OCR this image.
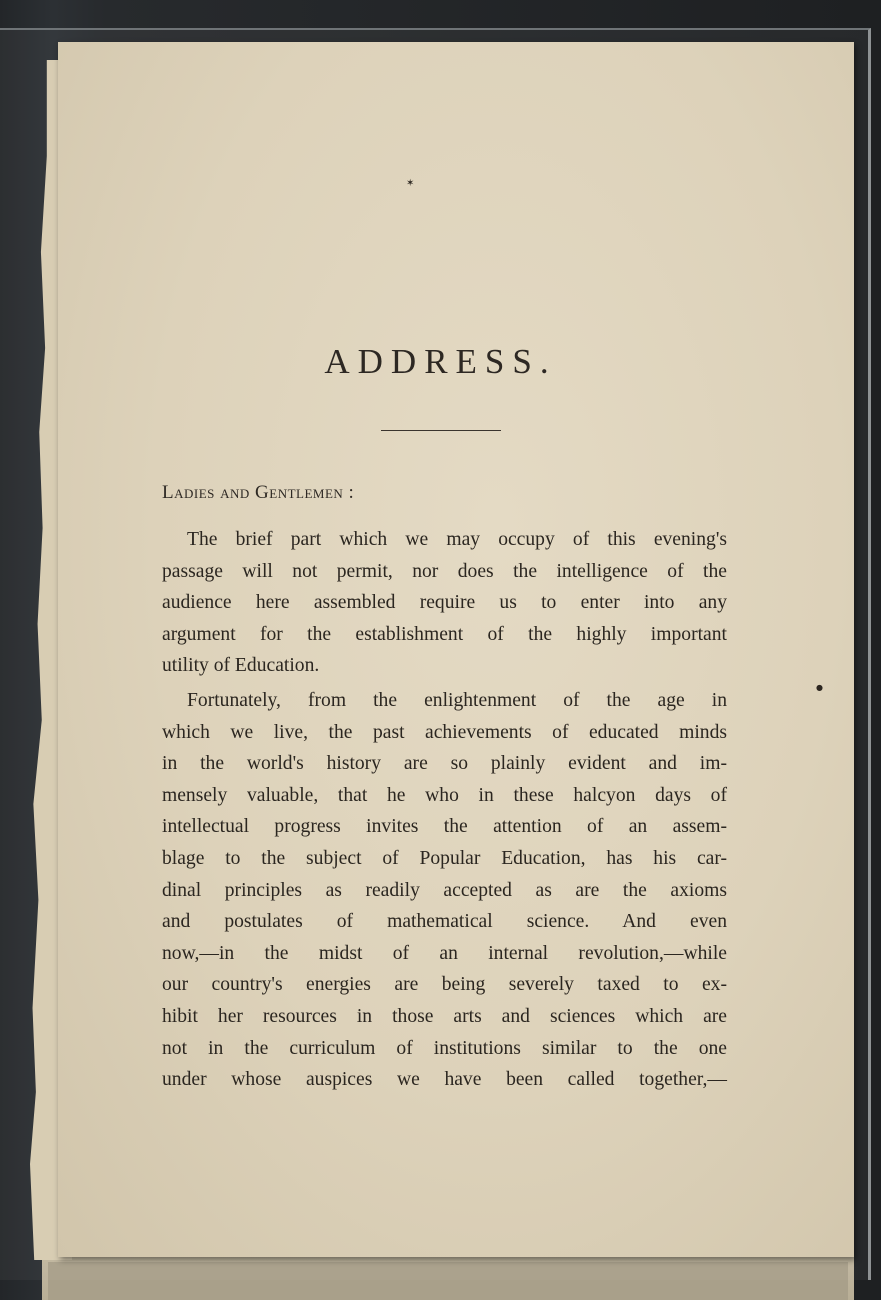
✶
●
ADDRESS.
Ladies and Gentlemen :
The brief part which we may occupy of this evening's
passage will not permit, nor does the intelligence of the
audience here assembled require us to enter into any
argument for the establishment of the highly important
utility of Education.
Fortunately, from the enlightenment of the age in
which we live, the past achievements of educated minds
in the world's history are so plainly evident and im-
mensely valuable, that he who in these halcyon days of
intellectual progress invites the attention of an assem-
blage to the subject of Popular Education, has his car-
dinal principles as readily accepted as are the axioms
and postulates of mathematical science. And even
now,—in the midst of an internal revolution,—while
our country's energies are being severely taxed to ex-
hibit her resources in those arts and sciences which are
not in the curriculum of institutions similar to the one
under whose auspices we have been called together,—
